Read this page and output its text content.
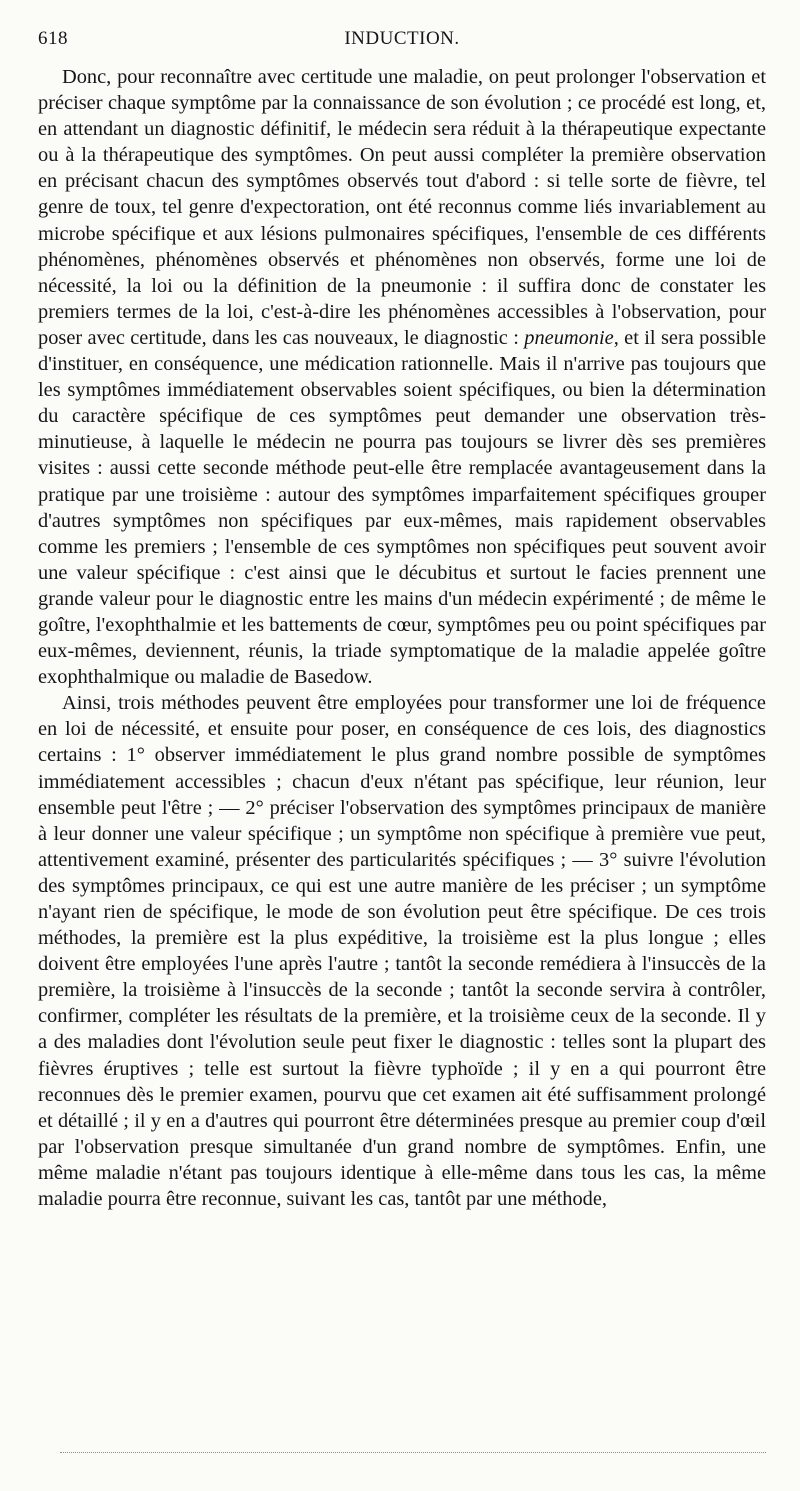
618	INDUCTION.

Donc, pour reconnaître avec certitude une maladie, on peut prolonger l'observation et préciser chaque symptôme par la connaissance de son évolution ; ce procédé est long, et, en attendant un diagnostic définitif, le médecin sera réduit à la thérapeutique expectante ou à la thérapeutique des symptômes. On peut aussi compléter la première observation en précisant chacun des symptômes observés tout d'abord : si telle sorte de fièvre, tel genre de toux, tel genre d'expectoration, ont été reconnus comme liés invariablement au microbe spécifique et aux lésions pulmonaires spécifiques, l'ensemble de ces différents phénomènes, phénomènes observés et phénomènes non observés, forme une loi de nécessité, la loi ou la définition de la pneumonie : il suffira donc de constater les premiers termes de la loi, c'est-à-dire les phénomènes accessibles à l'observation, pour poser avec certitude, dans les cas nouveaux, le diagnostic : pneumonie, et il sera possible d'instituer, en conséquence, une médication rationnelle. Mais il n'arrive pas toujours que les symptômes immédiatement observables soient spécifiques, ou bien la détermination du caractère spécifique de ces symptômes peut demander une observation très-minutieuse, à laquelle le médecin ne pourra pas toujours se livrer dès ses premières visites : aussi cette seconde méthode peut-elle être remplacée avantageusement dans la pratique par une troisième : autour des symptômes imparfaitement spécifiques grouper d'autres symptômes non spécifiques par eux-mêmes, mais rapidement observables comme les premiers ; l'ensemble de ces symptômes non spécifiques peut souvent avoir une valeur spécifique : c'est ainsi que le décubitus et surtout le facies prennent une grande valeur pour le diagnostic entre les mains d'un médecin expérimenté ; de même le goître, l'exophthalmie et les battements de cœur, symptômes peu ou point spécifiques par eux-mêmes, deviennent, réunis, la triade symptomatique de la maladie appelée goître exophthalmique ou maladie de Basedow.

Ainsi, trois méthodes peuvent être employées pour transformer une loi de fréquence en loi de nécessité, et ensuite pour poser, en conséquence de ces lois, des diagnostics certains : 1° observer immédiatement le plus grand nombre possible de symptômes immédiatement accessibles ; chacun d'eux n'étant pas spécifique, leur réunion, leur ensemble peut l'être ; — 2° préciser l'observation des symptômes principaux de manière à leur donner une valeur spécifique ; un symptôme non spécifique à première vue peut, attentivement examiné, présenter des particularités spécifiques ; — 3° suivre l'évolution des symptômes principaux, ce qui est une autre manière de les préciser ; un symptôme n'ayant rien de spécifique, le mode de son évolution peut être spécifique. De ces trois méthodes, la première est la plus expéditive, la troisième est la plus longue ; elles doivent être employées l'une après l'autre ; tantôt la seconde remédiera à l'insuccès de la première, la troisième à l'insuccès de la seconde ; tantôt la seconde servira à contrôler, confirmer, compléter les résultats de la première, et la troisième ceux de la seconde. Il y a des maladies dont l'évolution seule peut fixer le diagnostic : telles sont la plupart des fièvres éruptives ; telle est surtout la fièvre typhoïde ; il y en a qui pourront être reconnues dès le premier examen, pourvu que cet examen ait été suffisamment prolongé et détaillé ; il y en a d'autres qui pourront être déterminées presque au premier coup d'œil par l'observation presque simultanée d'un grand nombre de symptômes. Enfin, une même maladie n'étant pas toujours identique à elle-même dans tous les cas, la même maladie pourra être reconnue, suivant les cas, tantôt par une méthode,
